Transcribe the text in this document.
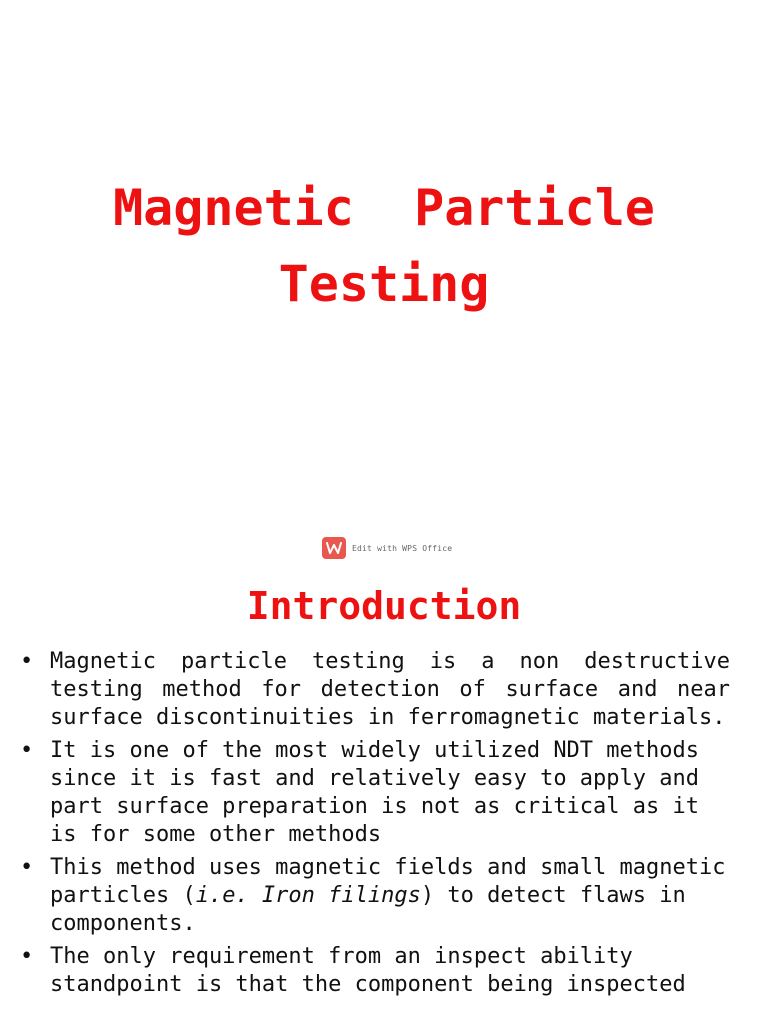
Magnetic  Particle Testing
Edit with WPS Office
Introduction
• Magnetic particle testing is a non destructive testing method for detection of surface and near surface discontinuities in ferromagnetic materials.
• It is one of the most widely utilized NDT methods since it is fast and relatively easy to apply and part surface preparation is not as critical as it is for some other methods
• This method uses magnetic fields and small magnetic particles (i.e. Iron filings) to detect flaws in components.
• The only requirement from an inspect ability standpoint is that the component being inspected
